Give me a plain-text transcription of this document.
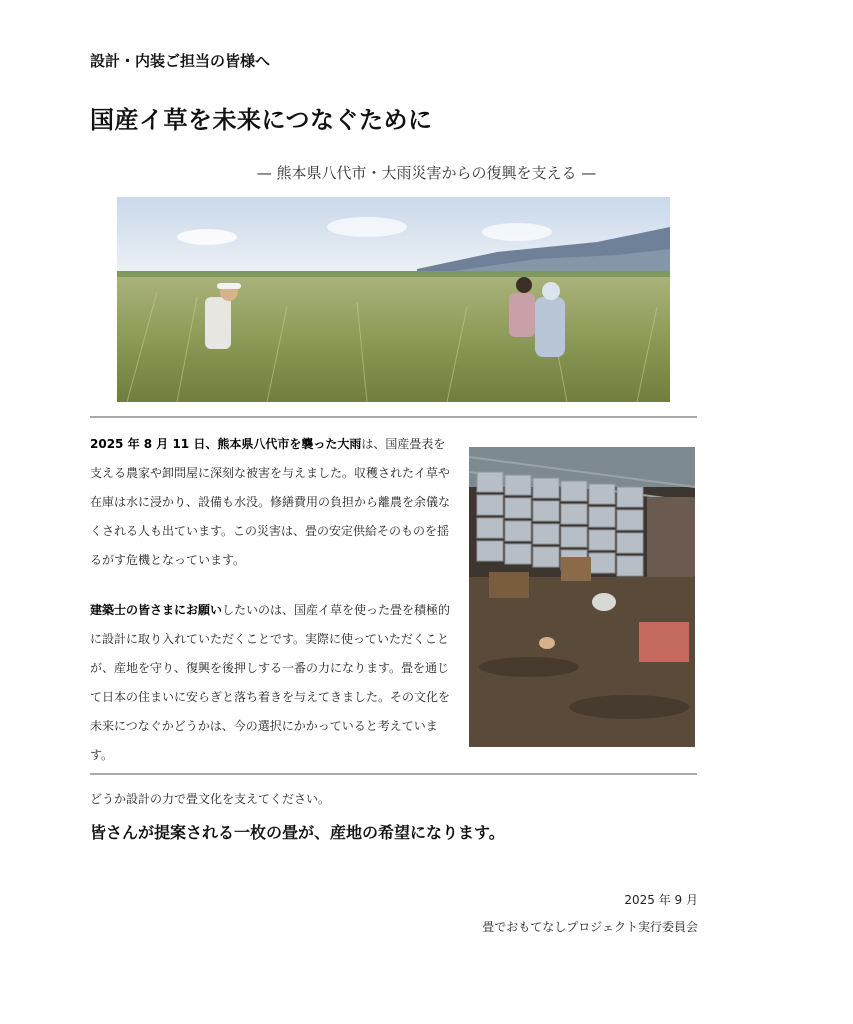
設計・内装ご担当の皆様へ
国産イ草を未来につなぐために
— 熊本県八代市・大雨災害からの復興を支える —

2025 年 8 月 11 日、熊本県八代市を襲った大雨は、国産畳表を支える農家や卸問屋に深刻な被害を与えました。収穫されたイ草や在庫は水に浸かり、設備も水没。修繕費用の負担から離農を余儀なくされる人も出ています。この災害は、畳の安定供給そのものを揺るがす危機となっています。

建築士の皆さまにお願いしたいのは、国産イ草を使った畳を積極的に設計に取り入れていただくことです。実際に使っていただくことが、産地を守り、復興を後押しする一番の力になります。畳を通じて日本の住まいに安らぎと落ち着きを与えてきました。その文化を未来につなぐかどうかは、今の選択にかかっていると考えています。

どうか設計の力で畳文化を支えてください。
皆さんが提案される一枚の畳が、産地の希望になります。
2025 年 9 月
畳でおもてなしプロジェクト実行委員会
